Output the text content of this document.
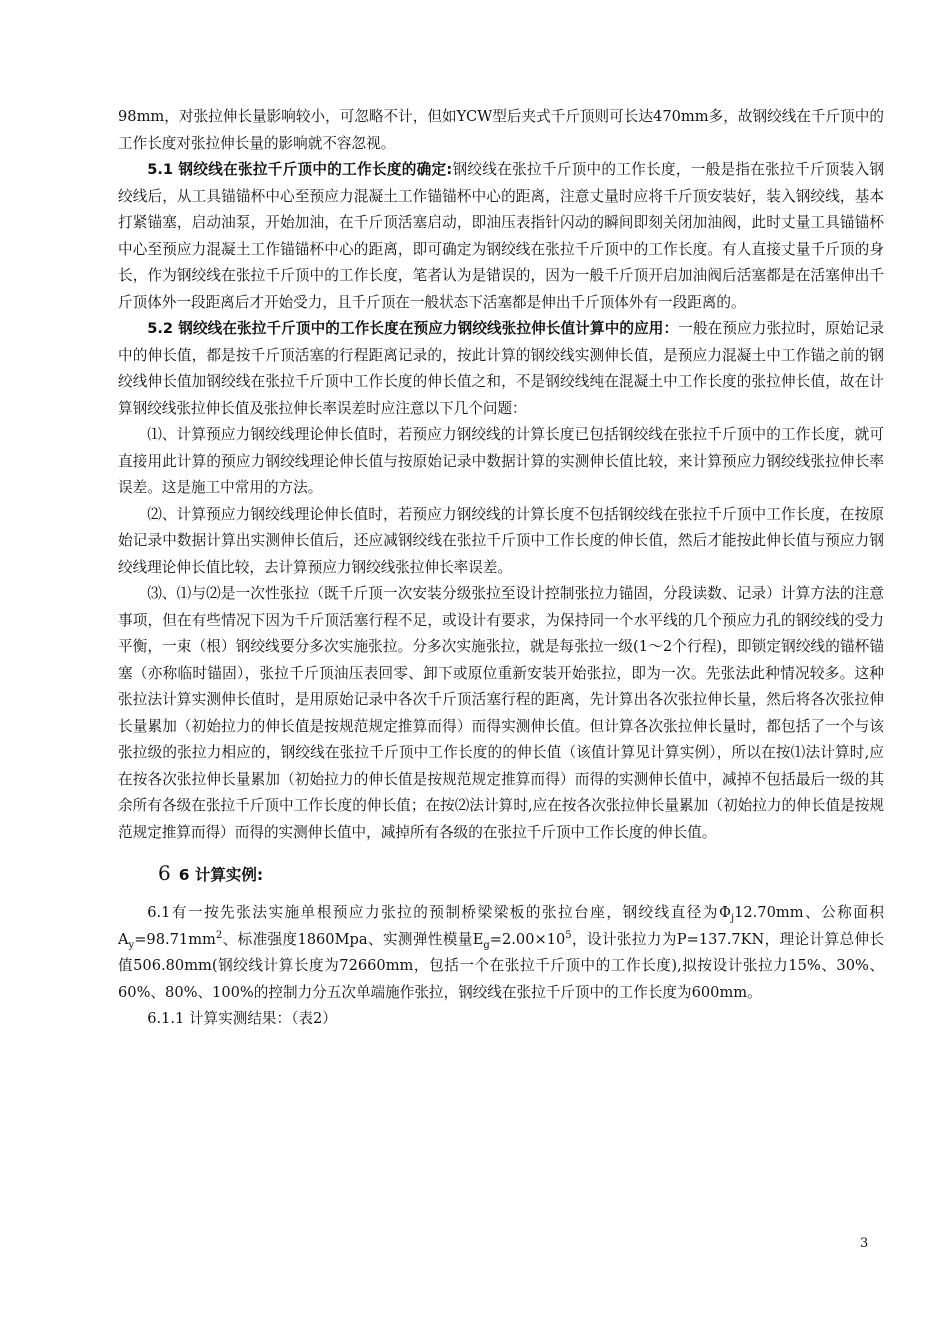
98mm，对张拉伸长量影响较小，可忽略不计，但如YCW型后夹式千斤顶则可长达470mm多，故钢绞线在千斤顶中的工作长度对张拉伸长量的影响就不容忽视。

5.1 钢绞线在张拉千斤顶中的工作长度的确定:钢绞线在张拉千斤顶中的工作长度，一般是指在张拉千斤顶装入钢绞线后，从工具锚锚杯中心至预应力混凝土工作锚锚杯中心的距离，注意丈量时应将千斤顶安装好，装入钢绞线，基本打紧锚塞，启动油泵，开始加油，在千斤顶活塞启动，即油压表指针闪动的瞬间即刻关闭加油阀，此时丈量工具锚锚杯中心至预应力混凝土工作锚锚杯中心的距离，即可确定为钢绞线在张拉千斤顶中的工作长度。有人直接丈量千斤顶的身长，作为钢绞线在张拉千斤顶中的工作长度，笔者认为是错误的，因为一般千斤顶开启加油阀后活塞都是在活塞伸出千斤顶体外一段距离后才开始受力，且千斤顶在一般状态下活塞都是伸出千斤顶体外有一段距离的。

5.2 钢绞线在张拉千斤顶中的工作长度在预应力钢绞线张拉伸长值计算中的应用：一般在预应力张拉时，原始记录中的伸长值，都是按千斤顶活塞的行程距离记录的，按此计算的钢绞线实测伸长值，是预应力混凝土中工作锚之前的钢绞线伸长值加钢绞线在张拉千斤顶中工作长度的伸长值之和，不是钢绞线纯在混凝土中工作长度的张拉伸长值，故在计算钢绞线张拉伸长值及张拉伸长率误差时应注意以下几个问题：

⑴、计算预应力钢绞线理论伸长值时，若预应力钢绞线的计算长度已包括钢绞线在张拉千斤顶中的工作长度，就可直接用此计算的预应力钢绞线理论伸长值与按原始记录中数据计算的实测伸长值比较，来计算预应力钢绞线张拉伸长率误差。这是施工中常用的方法。

⑵、计算预应力钢绞线理论伸长值时，若预应力钢绞线的计算长度不包括钢绞线在张拉千斤顶中工作长度，在按原始记录中数据计算出实测伸长值后，还应减钢绞线在张拉千斤顶中工作长度的伸长值，然后才能按此伸长值与预应力钢绞线理论伸长值比较，去计算预应力钢绞线张拉伸长率误差。

⑶、⑴与⑵是一次性张拉（既千斤顶一次安装分级张拉至设计控制张拉力锚固，分段读数、记录）计算方法的注意事项，但在有些情况下因为千斤顶活塞行程不足，或设计有要求，为保持同一个水平线的几个预应力孔的钢绞线的受力平衡，一束（根）钢绞线要分多次实施张拉。分多次实施张拉，就是每张拉一级(1～2个行程)，即锁定钢绞线的锚杯锚塞（亦称临时锚固），张拉千斤顶油压表回零、卸下或原位重新安装开始张拉，即为一次。先张法此种情况较多。这种张拉法计算实测伸长值时，是用原始记录中各次千斤顶活塞行程的距离，先计算出各次张拉伸长量，然后将各次张拉伸长量累加（初始拉力的伸长值是按规范规定推算而得）而得实测伸长值。但计算各次张拉伸长量时，都包括了一个与该张拉级的张拉力相应的，钢绞线在张拉千斤顶中工作长度的的伸长值（该值计算见计算实例），所以在按⑴法计算时,应在按各次张拉伸长量累加（初始拉力的伸长值是按规范规定推算而得）而得的实测伸长值中，减掉不包括最后一级的其余所有各级在张拉千斤顶中工作长度的伸长值；在按⑵法计算时,应在按各次张拉伸长量累加（初始拉力的伸长值是按规范规定推算而得）而得的实测伸长值中，减掉所有各级的在张拉千斤顶中工作长度的伸长值。

6 6 计算实例:

6.1有一按先张法实施单根预应力张拉的预制桥梁梁板的张拉台座，钢绞线直径为$\Phi_j12.70mm$、公称面积$A_y=98.71mm^2$、标准强度1860Mpa、实测弹性模量$E_g=2.00\times 10^5$，设计张拉力为P=137.7KN，理论计算总伸长值506.80mm(钢绞线计算长度为72660mm，包括一个在张拉千斤顶中的工作长度),拟按设计张拉力15%、30%、60%、80%、100%的控制力分五次单端施作张拉，钢绞线在张拉千斤顶中的工作长度为600mm。

6.1.1 计算实测结果：（表2）

3
